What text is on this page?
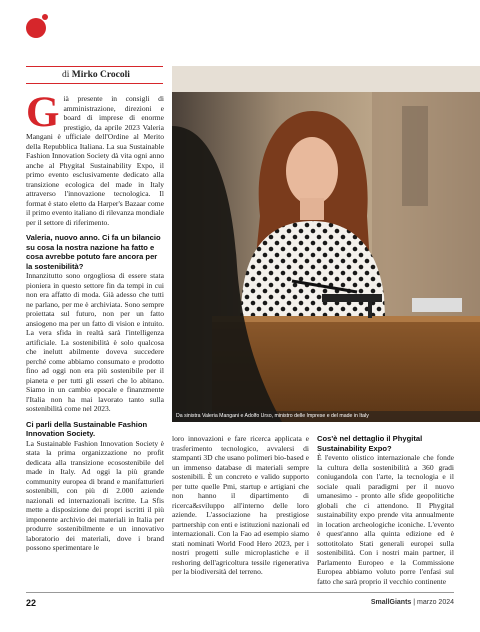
di Mirko Crocoli

Già presente in consigli di amministrazione, direzioni e board di imprese di enorme prestigio, da aprile 2023 Valeria Mangani è ufficiale dell'Ordine al Merito della Repubblica Italiana. La sua Sustainable Fashion Innovation Society dà vita ogni anno anche al Phygital Sustainability Expo, il primo evento esclusivamente dedicato alla transizione ecologica del made in Italy attraverso l'innovazione tecnologica. Il format è stato eletto da Harper's Bazaar come il primo evento italiano di rilevanza mondiale per il settore di riferimento.

Valeria, nuovo anno. Ci fa un bilancio su cosa la nostra nazione ha fatto e cosa avrebbe potuto fare ancora per la sostenibilità?

Innanzitutto sono orgogliosa di essere stata pioniera in questo settore fin da tempi in cui non era affatto di moda. Già adesso che tutti ne parlano, per me è archiviata. Sono sempre proiettata sul futuro, non per un fatto ansiogeno ma per un fatto di vision e intuito. La vera sfida in realtà sarà l'intelligenza artificiale. La sostenibilità è solo qualcosa che inelutt abilmente doveva succedere perché come abbiamo consumato e prodotto fino ad oggi non era più sostenibile per il pianeta e per tutti gli esseri che lo abitano. Siamo in un cambio epocale e finanzmente l'Italia non ha mai lavorato tanto sulla sostenibilità come nel 2023.

Ci parli della Sustainable Fashion Innovation Society.

La Sustainable Fashion Innovation Society è stata la prima organizzazione no profit dedicata alla transizione ecosostenibile del made in Italy. Ad oggi la più grande community europea di brand e manifatturieri sostenibili, con più di 2.000 aziende nazionali ed internazionali iscritte. La Sfis mette a disposizione dei propri iscritti il più imponente archivio dei materiali in Italia per produrre sostenibilmente e un innovativo laboratorio dei materiali, dove i brand possono sperimentare le

Da sinistra Valeria Mangani e Adolfo Urso, ministro delle Imprese e del made in Italy

loro innovazioni e fare ricerca applicata e trasferimento tecnologico, avvalersi di stampanti 3D che usano polimeri bio-based e un immenso database di materiali sempre sostenibili. È un concreto e valido supporto per tutte quelle Pmi, startup e artigiani che non hanno il dipartimento di ricerca&sviluppo all'interno delle loro aziende. L'associazione ha prestigiose partnership con enti e istituzioni nazionali ed internazionali. Con la Fao ad esempio siamo stati nominati World Food Hero 2023, per i nostri progetti sulle microplastiche e il reshoring dell'agricoltura tessile rigenerativa per la biodiversità del terreno.

Cos'è nel dettaglio il Phygital Sustainability Expo?

È l'evento olistico internazionale che fonde la cultura della sostenibilità a 360 gradi coniugandola con l'arte, la tecnologia e il sociale quali paradigmi per il nuovo umanesimo - pronto alle sfide geopolitiche globali che ci attendono. Il Phygital sustainability expo prende vita annualmente in location archeologiche iconiche. L'evento è quest'anno alla quinta edizione ed è sottotitolato Stati generali europei sulla sostenibilità. Con i nostri main partner, il Parlamento Europeo e la Commissione Europea abbiamo voluto porre l'enfasi sul fatto che sarà proprio il vecchio continente

22	SmallGiants | marzo 2024
